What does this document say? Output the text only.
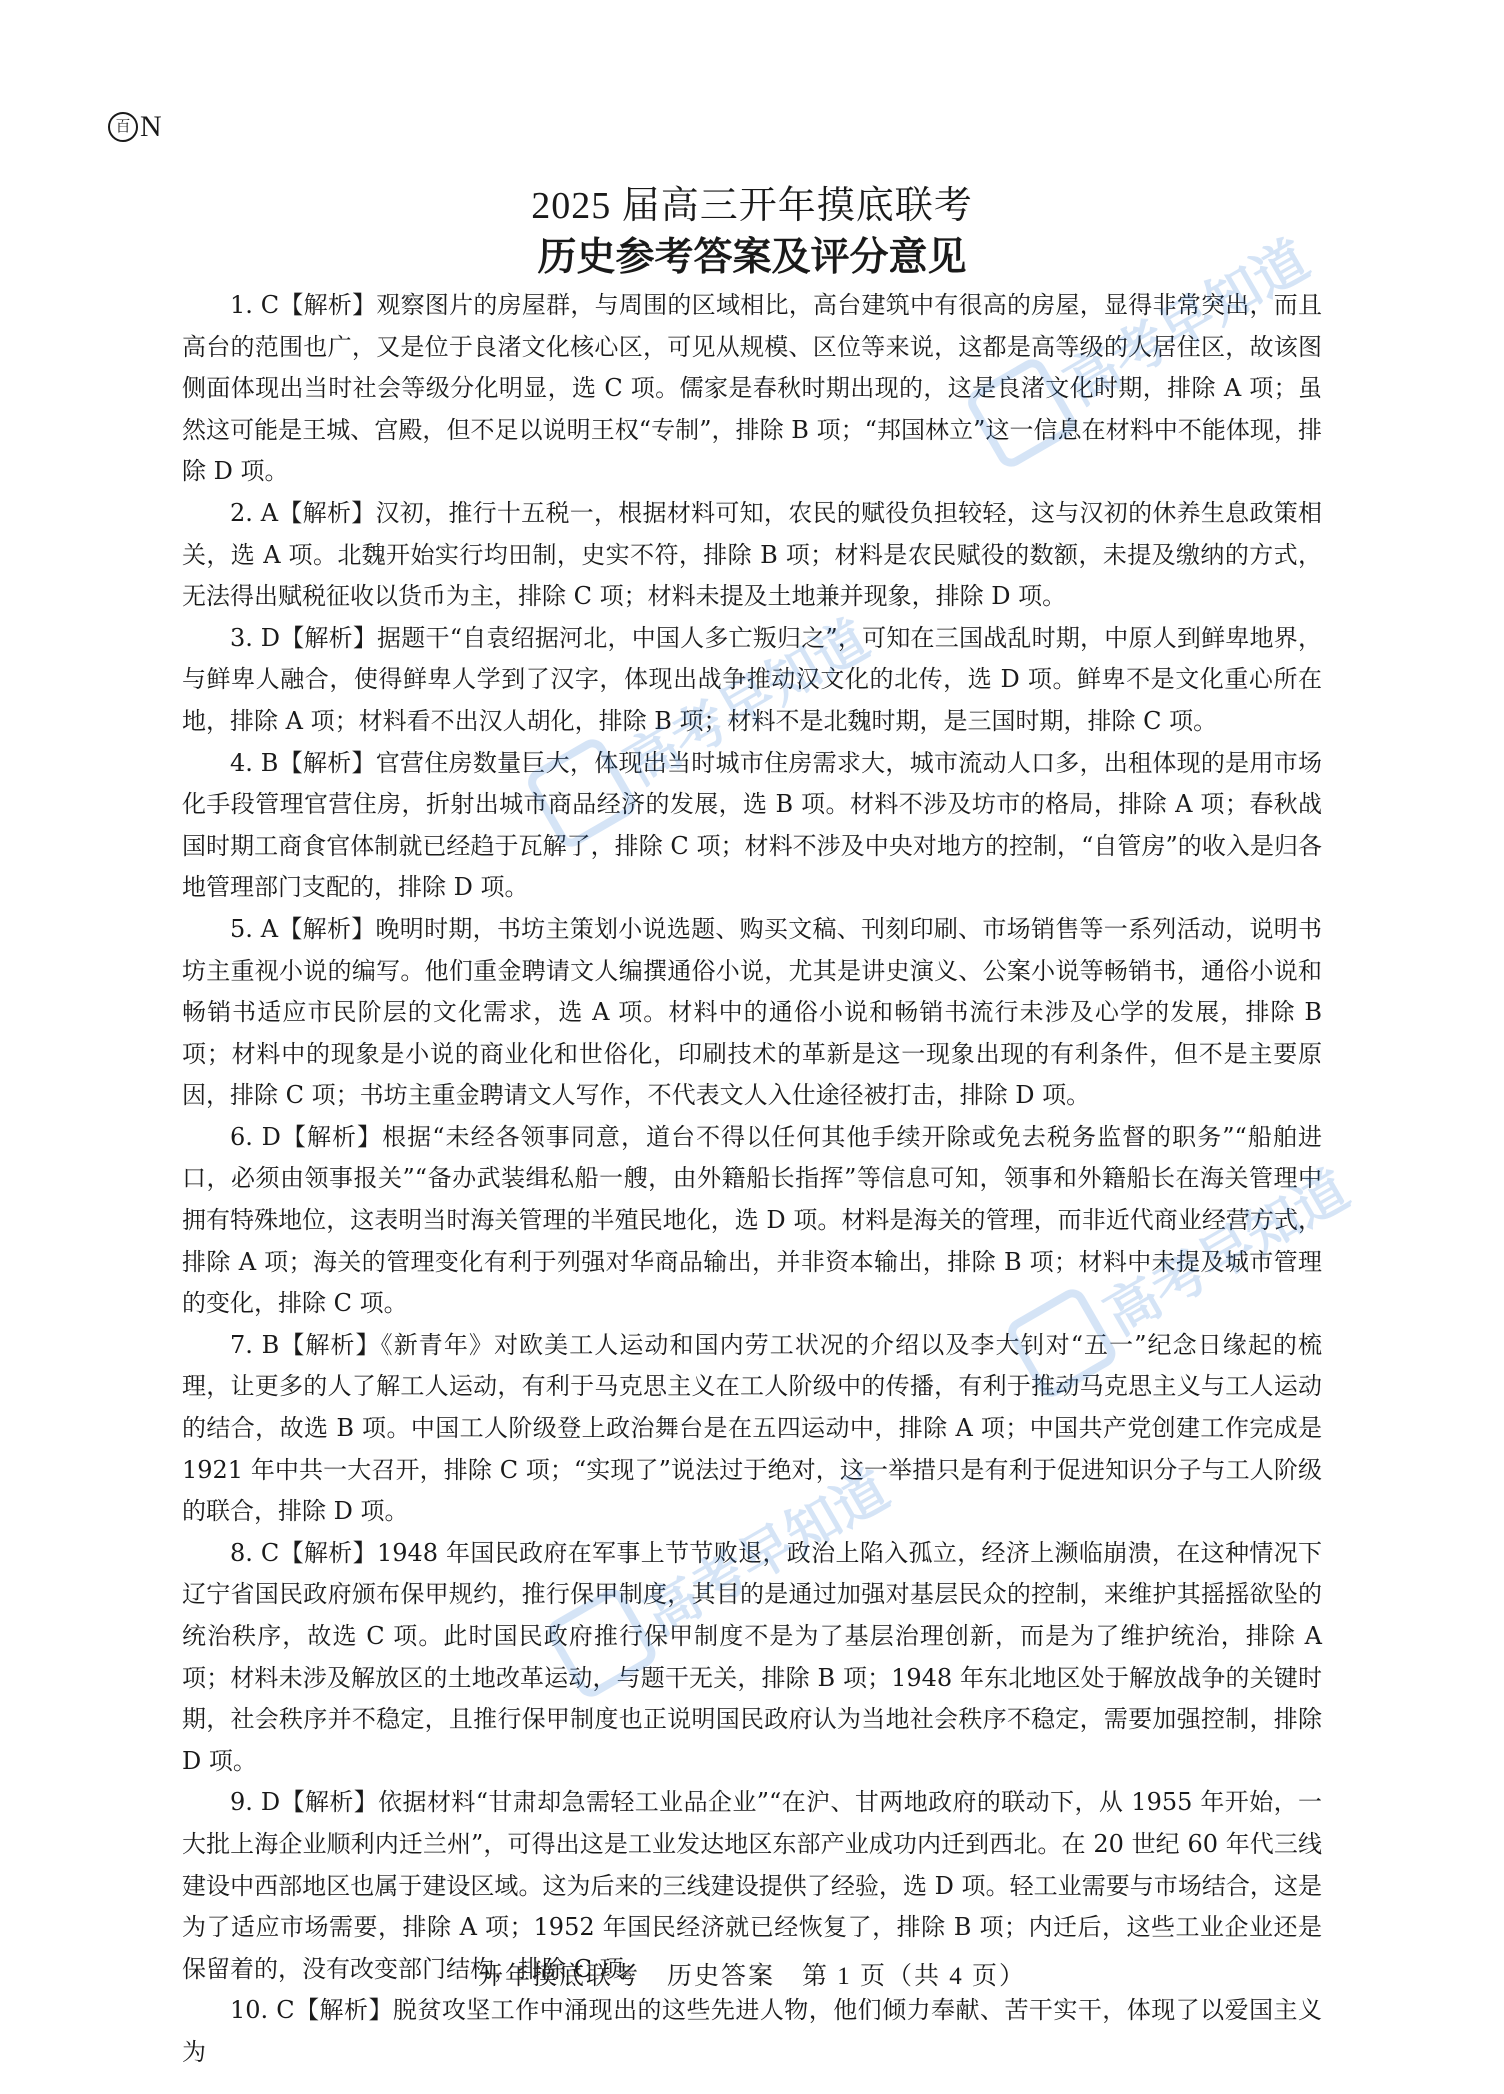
百 N
2025 届高三开年摸底联考
历史参考答案及评分意见

1. C【解析】观察图片的房屋群，与周围的区域相比，高台建筑中有很高的房屋，显得非常突出，而且高台的范围也广，又是位于良渚文化核心区，可见从规模、区位等来说，这都是高等级的人居住区，故该图侧面体现出当时社会等级分化明显，选 C 项。儒家是春秋时期出现的，这是良渚文化时期，排除 A 项；虽然这可能是王城、宫殿，但不足以说明王权“专制”，排除 B 项；“邦国林立”这一信息在材料中不能体现，排除 D 项。

2. A【解析】汉初，推行十五税一，根据材料可知，农民的赋役负担较轻，这与汉初的休养生息政策相关，选 A 项。北魏开始实行均田制，史实不符，排除 B 项；材料是农民赋役的数额，未提及缴纳的方式，无法得出赋税征收以货币为主，排除 C 项；材料未提及土地兼并现象，排除 D 项。

3. D【解析】据题干“自袁绍据河北，中国人多亡叛归之”，可知在三国战乱时期，中原人到鲜卑地界，与鲜卑人融合，使得鲜卑人学到了汉字，体现出战争推动汉文化的北传，选 D 项。鲜卑不是文化重心所在地，排除 A 项；材料看不出汉人胡化，排除 B 项；材料不是北魏时期，是三国时期，排除 C 项。

4. B【解析】官营住房数量巨大，体现出当时城市住房需求大，城市流动人口多，出租体现的是用市场化手段管理官营住房，折射出城市商品经济的发展，选 B 项。材料不涉及坊市的格局，排除 A 项；春秋战国时期工商食官体制就已经趋于瓦解了，排除 C 项；材料不涉及中央对地方的控制，“自管房”的收入是归各地管理部门支配的，排除 D 项。

5. A【解析】晚明时期，书坊主策划小说选题、购买文稿、刊刻印刷、市场销售等一系列活动，说明书坊主重视小说的编写。他们重金聘请文人编撰通俗小说，尤其是讲史演义、公案小说等畅销书，通俗小说和畅销书适应市民阶层的文化需求，选 A 项。材料中的通俗小说和畅销书流行未涉及心学的发展，排除 B 项；材料中的现象是小说的商业化和世俗化，印刷技术的革新是这一现象出现的有利条件，但不是主要原因，排除 C 项；书坊主重金聘请文人写作，不代表文人入仕途径被打击，排除 D 项。

6. D【解析】根据“未经各领事同意，道台不得以任何其他手续开除或免去税务监督的职务”“船舶进口，必须由领事报关”“备办武装缉私船一艘，由外籍船长指挥”等信息可知，领事和外籍船长在海关管理中拥有特殊地位，这表明当时海关管理的半殖民地化，选 D 项。材料是海关的管理，而非近代商业经营方式，排除 A 项；海关的管理变化有利于列强对华商品输出，并非资本输出，排除 B 项；材料中未提及城市管理的变化，排除 C 项。

7. B【解析】《新青年》对欧美工人运动和国内劳工状况的介绍以及李大钊对“五一”纪念日缘起的梳理，让更多的人了解工人运动，有利于马克思主义在工人阶级中的传播，有利于推动马克思主义与工人运动的结合，故选 B 项。中国工人阶级登上政治舞台是在五四运动中，排除 A 项；中国共产党创建工作完成是 1921 年中共一大召开，排除 C 项；“实现了”说法过于绝对，这一举措只是有利于促进知识分子与工人阶级的联合，排除 D 项。

8. C【解析】1948 年国民政府在军事上节节败退，政治上陷入孤立，经济上濒临崩溃，在这种情况下辽宁省国民政府颁布保甲规约，推行保甲制度，其目的是通过加强对基层民众的控制，来维护其摇摇欲坠的统治秩序，故选 C 项。此时国民政府推行保甲制度不是为了基层治理创新，而是为了维护统治，排除 A 项；材料未涉及解放区的土地改革运动，与题干无关，排除 B 项；1948 年东北地区处于解放战争的关键时期，社会秩序并不稳定，且推行保甲制度也正说明国民政府认为当地社会秩序不稳定，需要加强控制，排除 D 项。

9. D【解析】依据材料“甘肃却急需轻工业品企业”“在沪、甘两地政府的联动下，从 1955 年开始，一大批上海企业顺利内迁兰州”，可得出这是工业发达地区东部产业成功内迁到西北。在 20 世纪 60 年代三线建设中西部地区也属于建设区域。这为后来的三线建设提供了经验，选 D 项。轻工业需要与市场结合，这是为了适应市场需要，排除 A 项；1952 年国民经济就已经恢复了，排除 B 项；内迁后，这些工业企业还是保留着的，没有改变部门结构，排除 C 项。

10. C【解析】脱贫攻坚工作中涌现出的这些先进人物，他们倾力奉献、苦干实干，体现了以爱国主义为

开年摸底联考　历史答案　第 1 页（共 4 页）
高考早知道
高考早知道
高考早知道
高考早知道
